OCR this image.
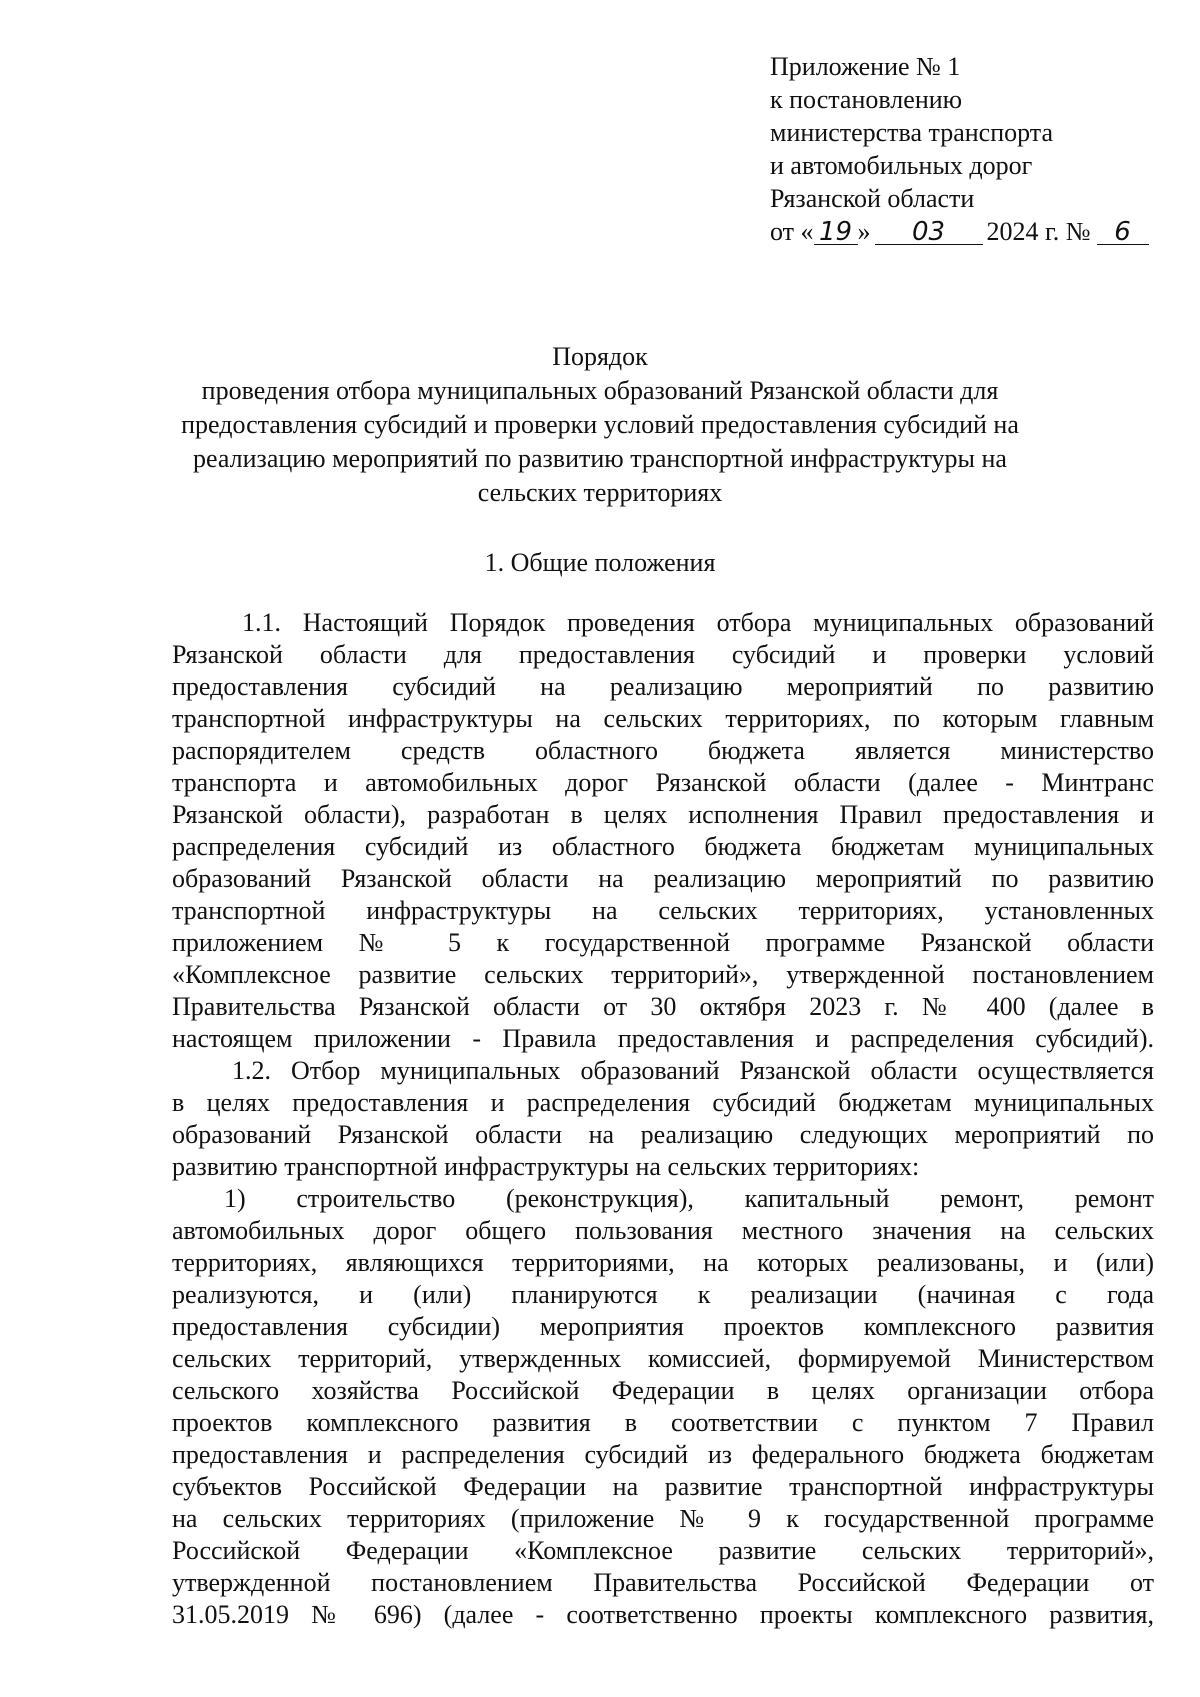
Приложение № 1
к постановлению
министерства транспорта
и автомобильных дорог
Рязанской области
от « 19 » 03 2024 г. № 6
Порядок
проведения отбора муниципальных образований Рязанской области для
предоставления субсидий и проверки условий предоставления субсидий на
реализацию мероприятий по развитию транспортной инфраструктуры на
сельских территориях
1. Общие положения
1.1. Настоящий Порядок проведения отбора муниципальных образований
Рязанской области для предоставления субсидий и проверки условий
предоставления субсидий на реализацию мероприятий по развитию
транспортной инфраструктуры на сельских территориях, по которым главным
распорядителем средств областного бюджета является министерство
транспорта и автомобильных дорог Рязанской области (далее - Минтранс
Рязанской области), разработан в целях исполнения Правил предоставления и
распределения субсидий из областного бюджета бюджетам муниципальных
образований Рязанской области на реализацию мероприятий по развитию
транспортной инфраструктуры на сельских территориях, установленных
приложением № 5 к государственной программе Рязанской области
«Комплексное развитие сельских территорий», утвержденной постановлением
Правительства Рязанской области от 30 октября 2023 г. № 400 (далее в
настоящем приложении - Правила предоставления и распределения субсидий).
1.2. Отбор муниципальных образований Рязанской области осуществляется
в целях предоставления и распределения субсидий бюджетам муниципальных
образований Рязанской области на реализацию следующих мероприятий по
развитию транспортной инфраструктуры на сельских территориях:
1) строительство (реконструкция), капитальный ремонт, ремонт
автомобильных дорог общего пользования местного значения на сельских
территориях, являющихся территориями, на которых реализованы, и (или)
реализуются, и (или) планируются к реализации (начиная с года
предоставления субсидии) мероприятия проектов комплексного развития
сельских территорий, утвержденных комиссией, формируемой Министерством
сельского хозяйства Российской Федерации в целях организации отбора
проектов комплексного развития в соответствии с пунктом 7 Правил
предоставления и распределения субсидий из федерального бюджета бюджетам
субъектов Российской Федерации на развитие транспортной инфраструктуры
на сельских территориях (приложение № 9 к государственной программе
Российской Федерации «Комплексное развитие сельских территорий»,
утвержденной постановлением Правительства Российской Федерации от
31.05.2019 № 696) (далее - соответственно проекты комплексного развития,
